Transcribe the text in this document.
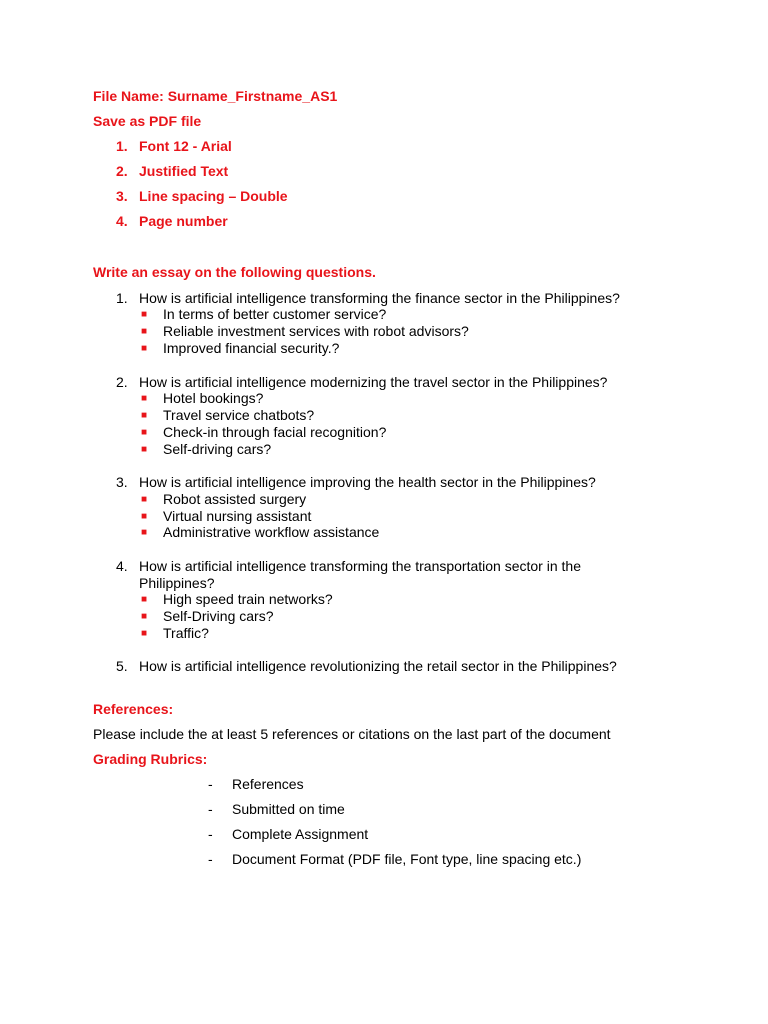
File Name: Surname_Firstname_AS1
Save as PDF file
1. Font 12 - Arial
2. Justified Text
3. Line spacing – Double
4. Page number
Write an essay on the following questions.
1. How is artificial intelligence transforming the finance sector in the Philippines?
■ In terms of better customer service?
■ Reliable investment services with robot advisors?
■ Improved financial security.?
2. How is artificial intelligence modernizing the travel sector in the Philippines?
■ Hotel bookings?
■ Travel service chatbots?
■ Check-in through facial recognition?
■ Self-driving cars?
3. How is artificial intelligence improving the health sector in the Philippines?
■ Robot assisted surgery
■ Virtual nursing assistant
■ Administrative workflow assistance
4. How is artificial intelligence transforming the transportation sector in the
Philippines?
■ High speed train networks?
■ Self-Driving cars?
■ Traffic?
5. How is artificial intelligence revolutionizing the retail sector in the Philippines?
References:
Please include the at least 5 references or citations on the last part of the document
Grading Rubrics:
- References
- Submitted on time
- Complete Assignment
- Document Format (PDF file, Font type, line spacing etc.)
